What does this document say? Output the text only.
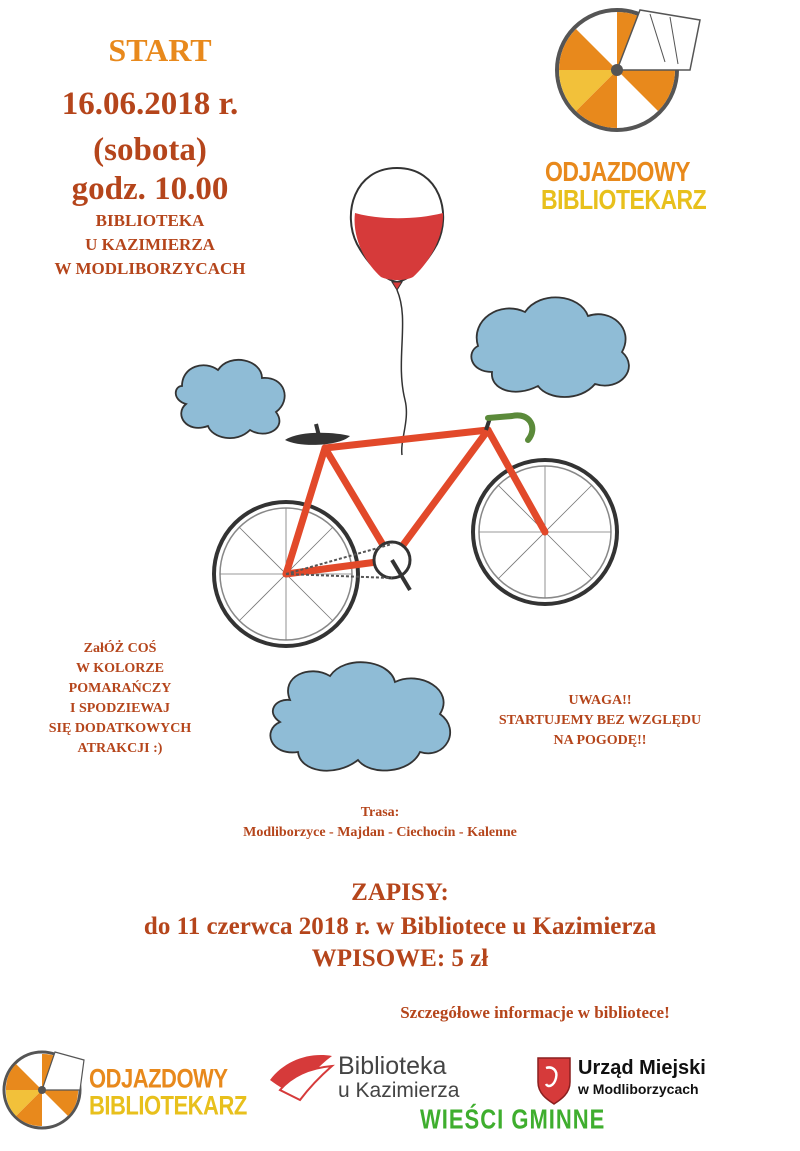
START
16.06.2018 r.
(sobota)
godz. 10.00
BIBLIOTEKA
U KAZIMIERZA
W MODLIBORZYCACH
ODJAZDOWY
BIBLIOTEKARZ
ZałÓŻ COŚ
W KOLORZE
POMARAŃCZY
I SPODZIEWAJ
SIĘ DODATKOWYCH
ATRAKCJI :)
UWAGA!!
STARTUJEMY BEZ WZGLĘDU
NA POGODĘ!!
Trasa:
Modliborzyce - Majdan - Ciechocin - Kalenne
ZAPISY:
do 11 czerwca 2018 r. w Bibliotece u Kazimierza
WPISOWE: 5 zł
Szczegółowe informacje w bibliotece!
ODJAZDOWY
BIBLIOTEKARZ
Biblioteka
u Kazimierza
WIEŚCI GMINNE
Urząd Miejski
w Modliborzycach
